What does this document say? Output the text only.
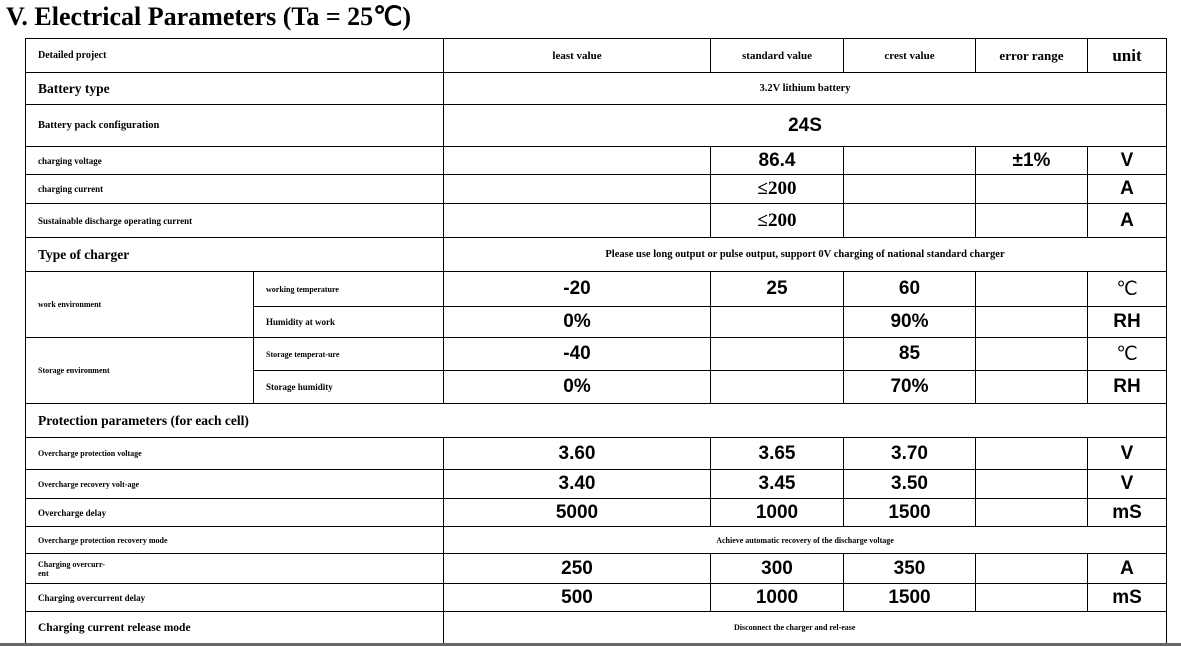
V. Electrical Parameters (Ta = 25℃)
Detailed project		least value	standard value	crest value	error range	unit
Battery type		3.2V lithium battery				
Battery pack configuration		24S				
charging voltage			86.4		±1%	V
charging current			≤200			A
Sustainable discharge operating current			≤200			A
Type of charger		Please use long output or pulse output, support 0V charging of national standard charger				
work environment	working temperature	-20	25	60		℃
	Humidity at work	0%		90%		RH
Storage environment	Storage temperat-ure	-40		85		℃
	Storage humidity	0%		70%		RH
Protection parameters (for each cell)						
Overcharge protection voltage		3.60	3.65	3.70		V
Overcharge recovery volt-age		3.40	3.45	3.50		V
Overcharge delay		5000	1000	1500		mS
Overcharge protection recovery mode		Achieve automatic recovery of the discharge voltage				
Charging overcurr-ent		250	300	350		A
Charging overcurrent delay		500	1000	1500		mS
Charging current release mode		Disconnect the charger and rel-ease				
